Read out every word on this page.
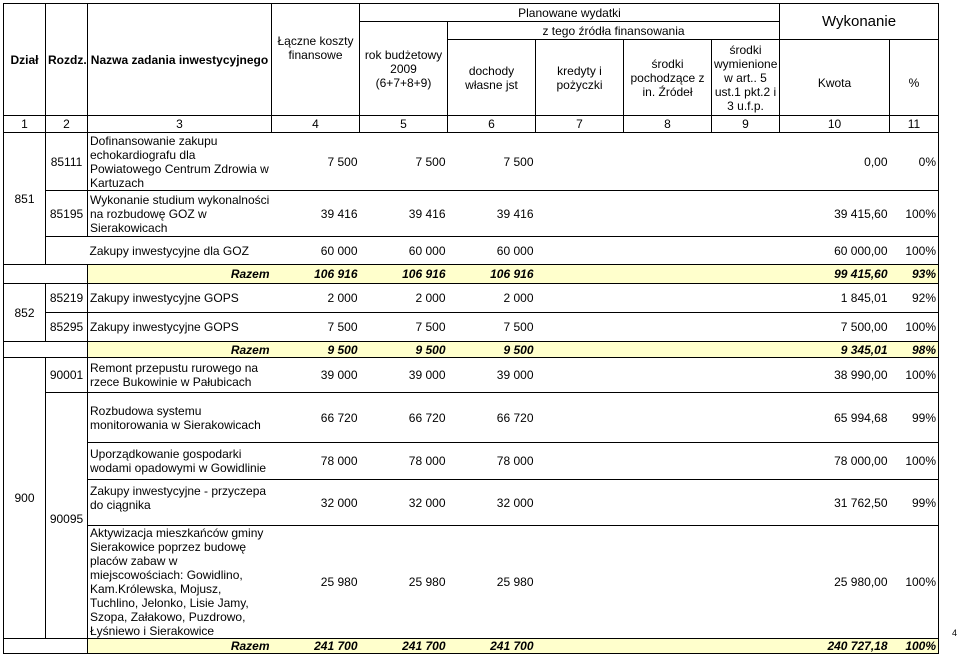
Dział	Rozdz.	Nazwa zadania inwestycyjnego	Łączne koszty finansowe	Planowane wydatki					Wykonanie	
				rok budżetowy 2009 (6+7+8+9)	z tego źródła finansowania					
					dochody własne jst	kredyty i pożyczki	środki pochodzące z in. Źródeł	środki wymienione w art.. 5 ust.1 pkt.2 i 3 u.f.p.	Kwota	%
1	2	3	4	5	6	7	8	9	10	11
851	85111	Dofinansowanie zakupu echokardiografu dla Powiatowego Centrum Zdrowia w Kartuzach	7 500	7 500	7 500				0,00	0%
	85195	Wykonanie studium wykonalności na rozbudowę GOZ w Sierakowicach	39 416	39 416	39 416				39 415,60	100%
		Zakupy inwestycyjne dla GOZ	60 000	60 000	60 000				60 000,00	100%
		Razem	106 916	106 916	106 916				99 415,60	93%
852	85219	Zakupy inwestycyjne GOPS	2 000	2 000	2 000				1 845,01	92%
	85295	Zakupy inwestycyjne GOPS	7 500	7 500	7 500				7 500,00	100%
		Razem	9 500	9 500	9 500				9 345,01	98%
900	90001	Remont przepustu rurowego na rzece Bukowinie w Pałubicach	39 000	39 000	39 000				38 990,00	100%
		Rozbudowa systemu monitorowania w Sierakowicach	66 720	66 720	66 720				65 994,68	99%
		Uporządkowanie gospodarki wodami opadowymi w Gowidlinie	78 000	78 000	78 000				78 000,00	100%
	90095	Zakupy inwestycyjne - przyczepa do ciągnika	32 000	32 000	32 000				31 762,50	99%
		Aktywizacja mieszkańców gminy Sierakowice poprzez budowę placów zabaw w miejscowościach: Gowidlino, Kam.Królewska, Mojusz, Tuchlino, Jelonko, Lisie Jamy, Szopa, Załakowo, Puzdrowo, Łyśniewo i Sierakowice	25 980	25 980	25 980				25 980,00	100%
		Razem	241 700	241 700	241 700				240 727,18	100%
4
